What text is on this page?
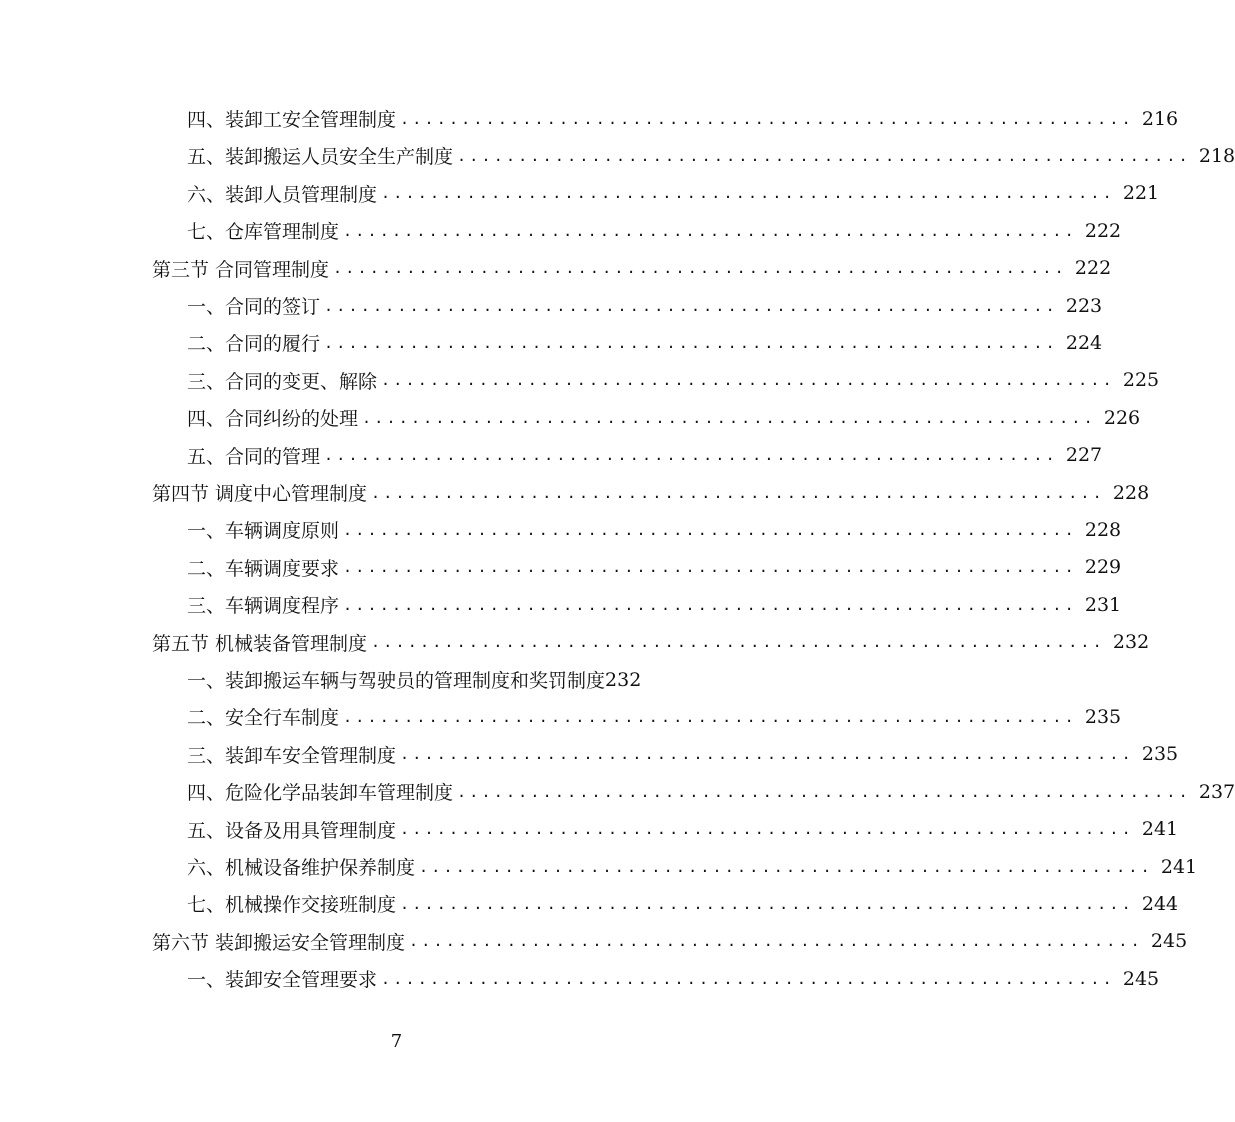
四、装卸工安全管理制度 ............................................................ 216
五、装卸搬运人员安全生产制度 ............................................................ 218
六、装卸人员管理制度 ............................................................ 221
七、仓库管理制度 ............................................................ 222
第三节 合同管理制度 ............................................................ 222
一、合同的签订 ............................................................ 223
二、合同的履行 ............................................................ 224
三、合同的变更、解除 ............................................................ 225
四、合同纠纷的处理 ............................................................ 226
五、合同的管理 ............................................................ 227
第四节 调度中心管理制度 ............................................................ 228
一、车辆调度原则 ............................................................ 228
二、车辆调度要求 ............................................................ 229
三、车辆调度程序 ............................................................ 231
第五节 机械装备管理制度 ............................................................ 232
一、装卸搬运车辆与驾驶员的管理制度和奖罚制度 232
二、安全行车制度 ............................................................ 235
三、装卸车安全管理制度 ............................................................ 235
四、危险化学品装卸车管理制度 ............................................................ 237
五、设备及用具管理制度 ............................................................ 241
六、机械设备维护保养制度 ............................................................ 241
七、机械操作交接班制度 ............................................................ 244
第六节 装卸搬运安全管理制度 ............................................................ 245
一、装卸安全管理要求 ............................................................ 245
7
